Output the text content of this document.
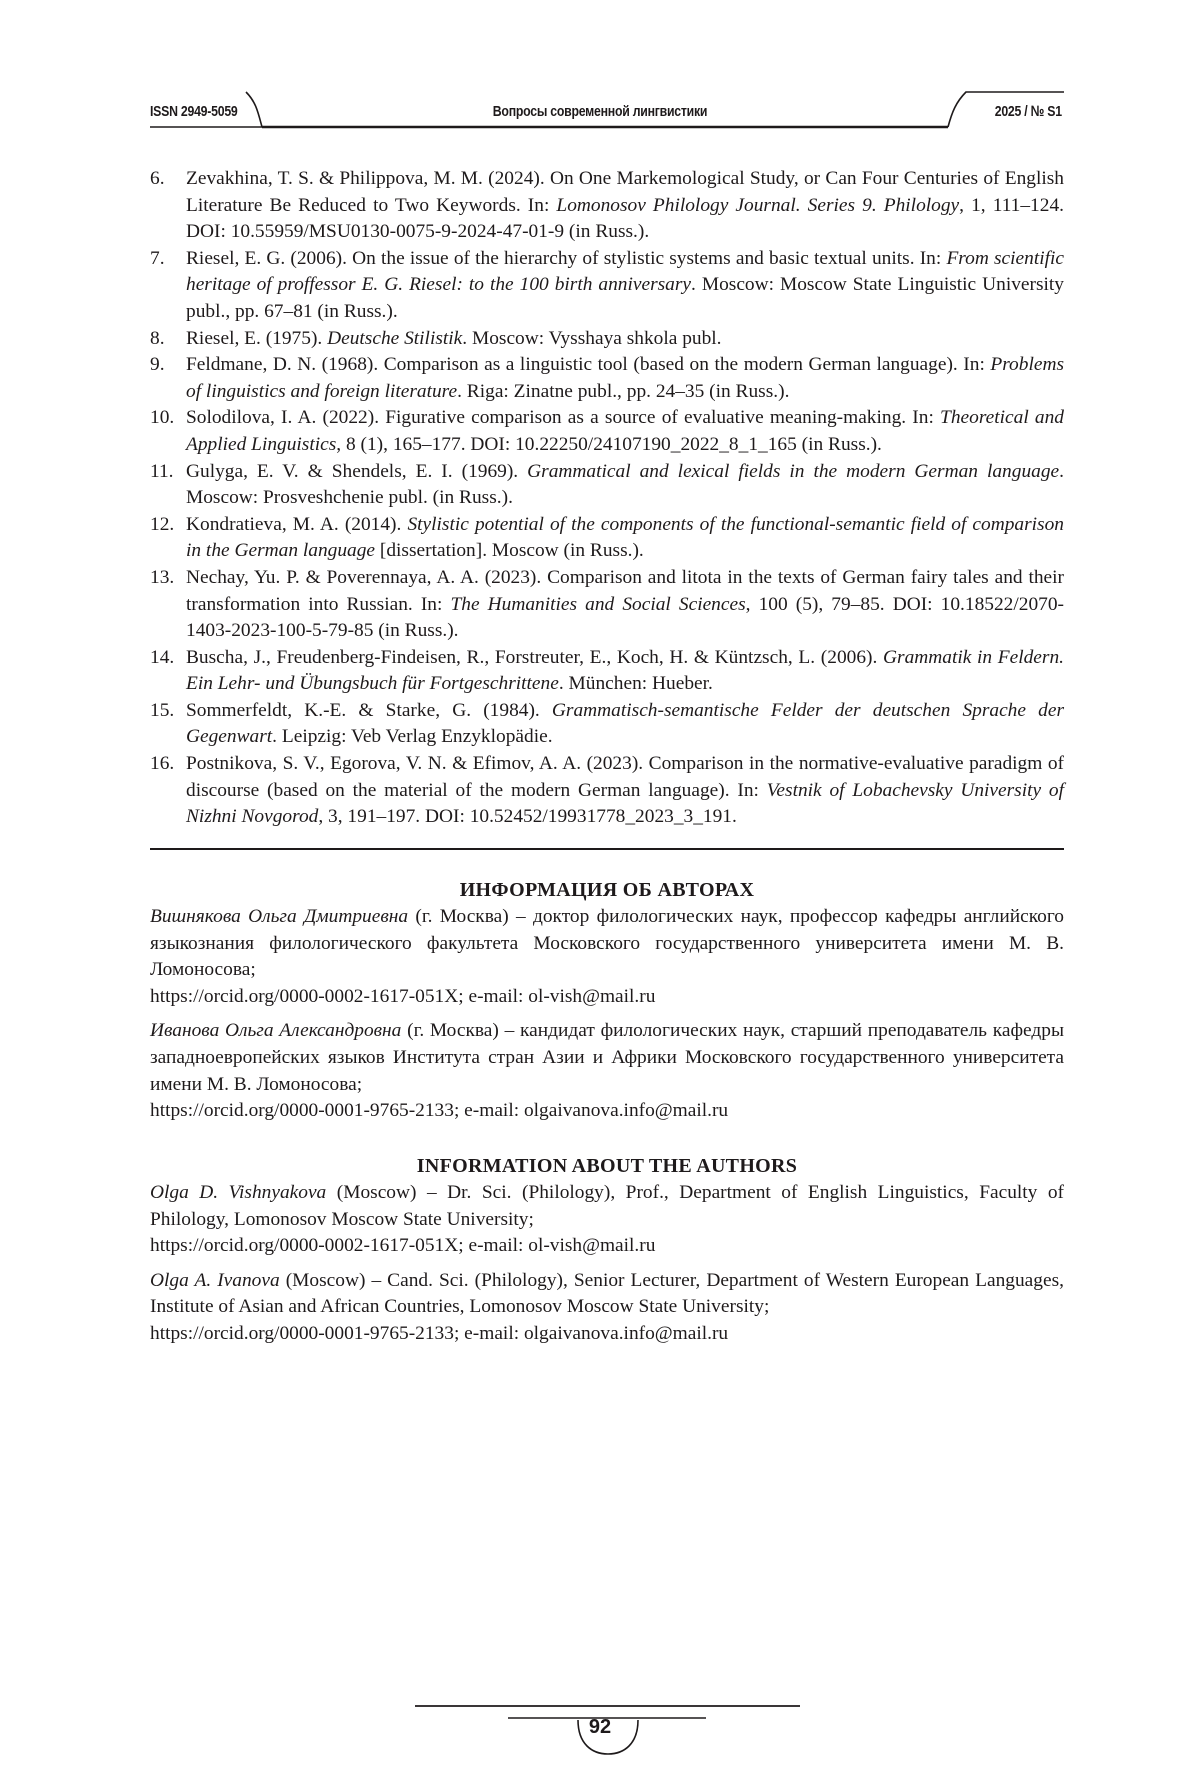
ISSN 2949-5059	Вопросы современной лингвистики	2025 / № S1
6. Zevakhina, T. S. & Philippova, M. M. (2024). On One Markemological Study, or Can Four Centuries of English Literature Be Reduced to Two Keywords. In: Lomonosov Philology Journal. Series 9. Philology, 1, 111–124. DOI: 10.55959/MSU0130-0075-9-2024-47-01-9 (in Russ.).
7. Riesel, E. G. (2006). On the issue of the hierarchy of stylistic systems and basic textual units. In: From scientific heritage of proffessor E. G. Riesel: to the 100 birth anniversary. Moscow: Moscow State Linguistic University publ., pp. 67–81 (in Russ.).
8. Riesel, E. (1975). Deutsche Stilistik. Moscow: Vysshaya shkola publ.
9. Feldmane, D. N. (1968). Comparison as a linguistic tool (based on the modern German language). In: Problems of linguistics and foreign literature. Riga: Zinatne publ., pp. 24–35 (in Russ.).
10. Solodilova, I. A. (2022). Figurative comparison as a source of evaluative meaning-making. In: Theoretical and Applied Linguistics, 8 (1), 165–177. DOI: 10.22250/24107190_2022_8_1_165 (in Russ.).
11. Gulyga, E. V. & Shendels, E. I. (1969). Grammatical and lexical fields in the modern German language. Moscow: Prosveshchenie publ. (in Russ.).
12. Kondratieva, M. A. (2014). Stylistic potential of the components of the functional-semantic field of comparison in the German language [dissertation]. Moscow (in Russ.).
13. Nechay, Yu. P. & Poverennaya, A. A. (2023). Comparison and litota in the texts of German fairy tales and their transformation into Russian. In: The Humanities and Social Sciences, 100 (5), 79–85. DOI: 10.18522/2070-1403-2023-100-5-79-85 (in Russ.).
14. Buscha, J., Freudenberg-Findeisen, R., Forstreuter, E., Koch, H. & Küntzsch, L. (2006). Grammatik in Feldern. Ein Lehr- und Übungsbuch für Fortgeschrittene. München: Hueber.
15. Sommerfeldt, K.-E. & Starke, G. (1984). Grammatisch-semantische Felder der deutschen Sprache der Gegenwart. Leipzig: Veb Verlag Enzyklopädie.
16. Postnikova, S. V., Egorova, V. N. & Efimov, A. A. (2023). Comparison in the normative-evaluative paradigm of discourse (based on the material of the modern German language). In: Vestnik of Lobachevsky University of Nizhni Novgorod, 3, 191–197. DOI: 10.52452/19931778_2023_3_191.
ИНФОРМАЦИЯ ОБ АВТОРАХ

Вишнякова Ольга Дмитриевна (г. Москва) – доктор филологических наук, профессор кафедры английского языкознания филологического факультета Московского государственного университета имени М. В. Ломоносова;

https://orcid.org/0000-0002-1617-051X; e-mail: ol-vish@mail.ru

Иванова Ольга Александровна (г. Москва) – кандидат филологических наук, старший преподаватель кафедры западноевропейских языков Института стран Азии и Африки Московского государственного университета имени М. В. Ломоносова;

https://orcid.org/0000-0001-9765-2133; e-mail: olgaivanova.info@mail.ru

INFORMATION ABOUT THE AUTHORS

Olga D. Vishnyakova (Moscow) – Dr. Sci. (Philology), Prof., Department of English Linguistics, Faculty of Philology, Lomonosov Moscow State University;

https://orcid.org/0000-0002-1617-051X; e-mail: ol-vish@mail.ru

Olga A. Ivanova (Moscow) – Cand. Sci. (Philology), Senior Lecturer, Department of Western European Languages, Institute of Asian and African Countries, Lomonosov Moscow State University;

https://orcid.org/0000-0001-9765-2133; e-mail: olgaivanova.info@mail.ru

92
